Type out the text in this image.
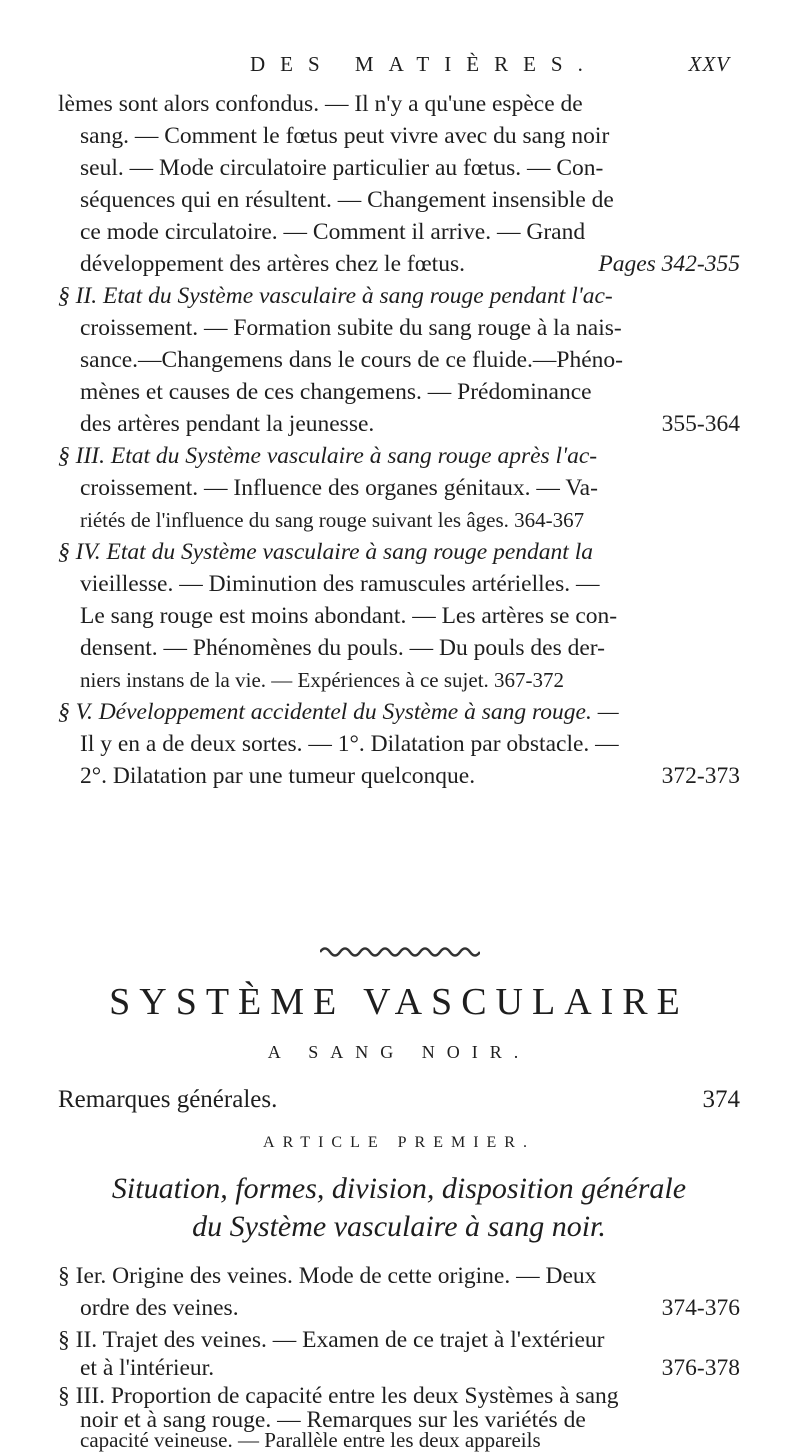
DES MATIÈRES.	XXV
lèmes sont alors confondus. — Il n'y a qu'une espèce de
sang. — Comment le fœtus peut vivre avec du sang noir
seul. — Mode circulatoire particulier au fœtus. — Con-
séquences qui en résultent. — Changement insensible de
ce mode circulatoire. — Comment il arrive. — Grand
développement des artères chez le fœtus.	Pages 342-355
§ II. Etat du Système vasculaire à sang rouge pendant l'ac-
croissement. — Formation subite du sang rouge à la nais-
sance.—Changemens dans le cours de ce fluide.—Phéno-
mènes et causes de ces changemens. — Prédominance
des artères pendant la jeunesse.	355-364
§ III. Etat du Système vasculaire à sang rouge après l'ac-
croissement. — Influence des organes génitaux. — Va-
riétés de l'influence du sang rouge suivant les âges. 364-367
§ IV. Etat du Système vasculaire à sang rouge pendant la
vieillesse. — Diminution des ramuscules artérielles. —
Le sang rouge est moins abondant. — Les artères se con-
densent. — Phénomènes du pouls. — Du pouls des der-
niers instans de la vie. — Expériences à ce sujet. 367-372
§ V. Développement accidentel du Système à sang rouge. —
Il y en a de deux sortes. — 1°. Dilatation par obstacle. —
2°. Dilatation par une tumeur quelconque.	372-373
SYSTÈME VASCULAIRE
A SANG NOIR.
Remarques générales.	374
ARTICLE PREMIER.
Situation, formes, division, disposition générale
du Système vasculaire à sang noir.
§ Ier. Origine des veines. Mode de cette origine. — Deux
ordre des veines.	374-376
§ II. Trajet des veines. — Examen de ce trajet à l'extérieur
et à l'intérieur.	376-378
§ III. Proportion de capacité entre les deux Systèmes à sang
noir et à sang rouge. — Remarques sur les variétés de
capacité veineuse. — Parallèle entre les deux appareils
